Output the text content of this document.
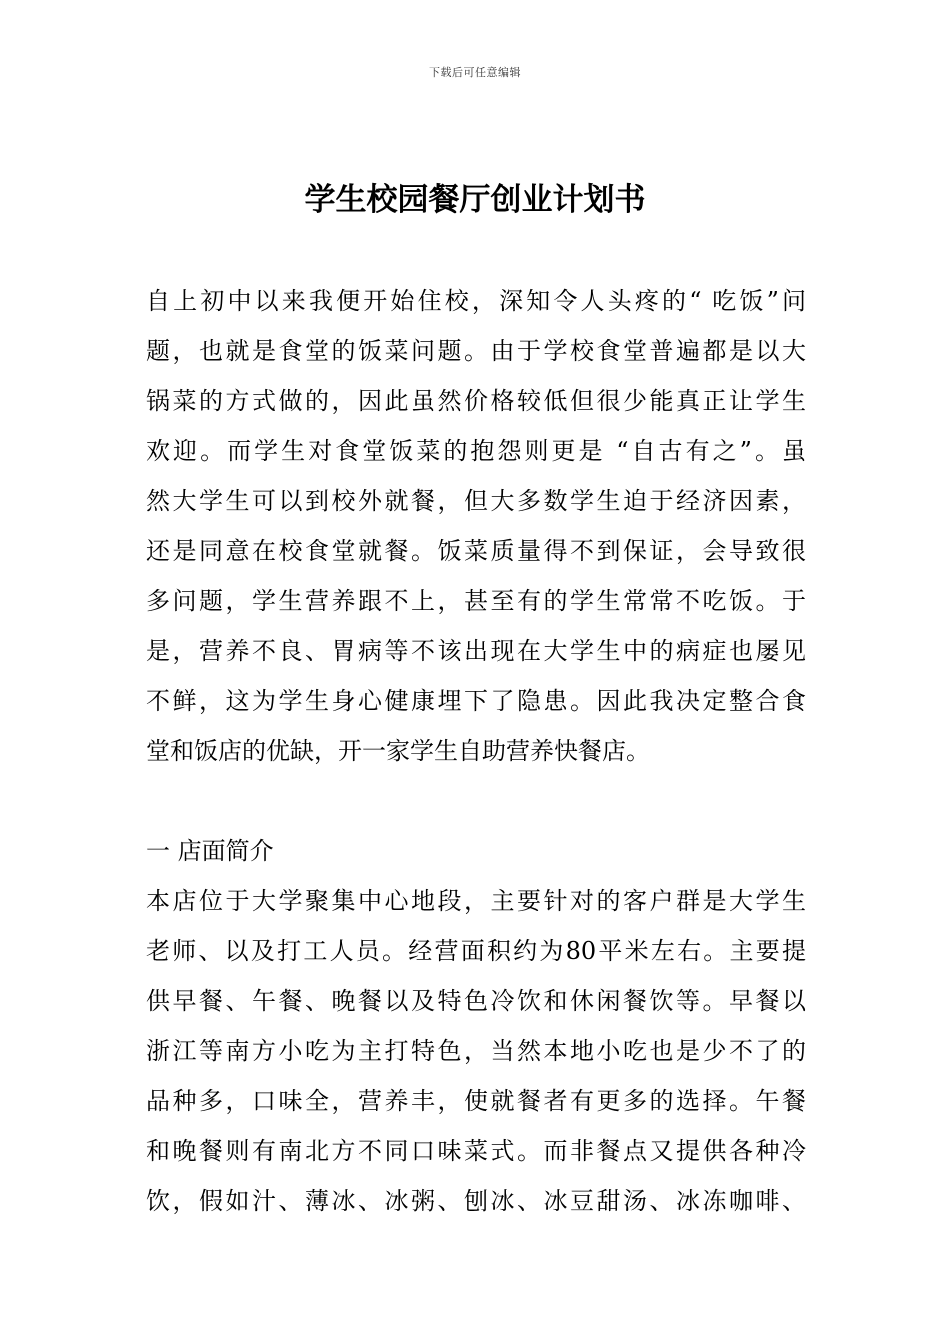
下载后可任意编辑
学生校园餐厅创业计划书
自上初中以来我便开始住校，深知令人头疼的“ 吃饭”问
题，也就是食堂的饭菜问题。由于学校食堂普遍都是以大
锅菜的方式做的，因此虽然价格较低但很少能真正让学生
欢迎。而学生对食堂饭菜的抱怨则更是 “自古有之”。虽
然大学生可以到校外就餐，但大多数学生迫于经济因素，
还是同意在校食堂就餐。饭菜质量得不到保证，会导致很
多问题，学生营养跟不上，甚至有的学生常常不吃饭。于
是，营养不良、胃病等不该出现在大学生中的病症也屡见
不鲜，这为学生身心健康埋下了隐患。因此我决定整合食
堂和饭店的优缺，开一家学生自助营养快餐店。
一 店面简介
本店位于大学聚集中心地段，主要针对的客户群是大学生
老师、以及打工人员。经营面积约为80平米左右。主要提
供早餐、午餐、晚餐以及特色冷饮和休闲餐饮等。早餐以
浙江等南方小吃为主打特色，当然本地小吃也是少不了的
品种多，口味全，营养丰，使就餐者有更多的选择。午餐
和晚餐则有南北方不同口味菜式。而非餐点又提供各种冷
饮，假如汁、薄冰、冰粥、刨冰、冰豆甜汤、冰冻咖啡、
